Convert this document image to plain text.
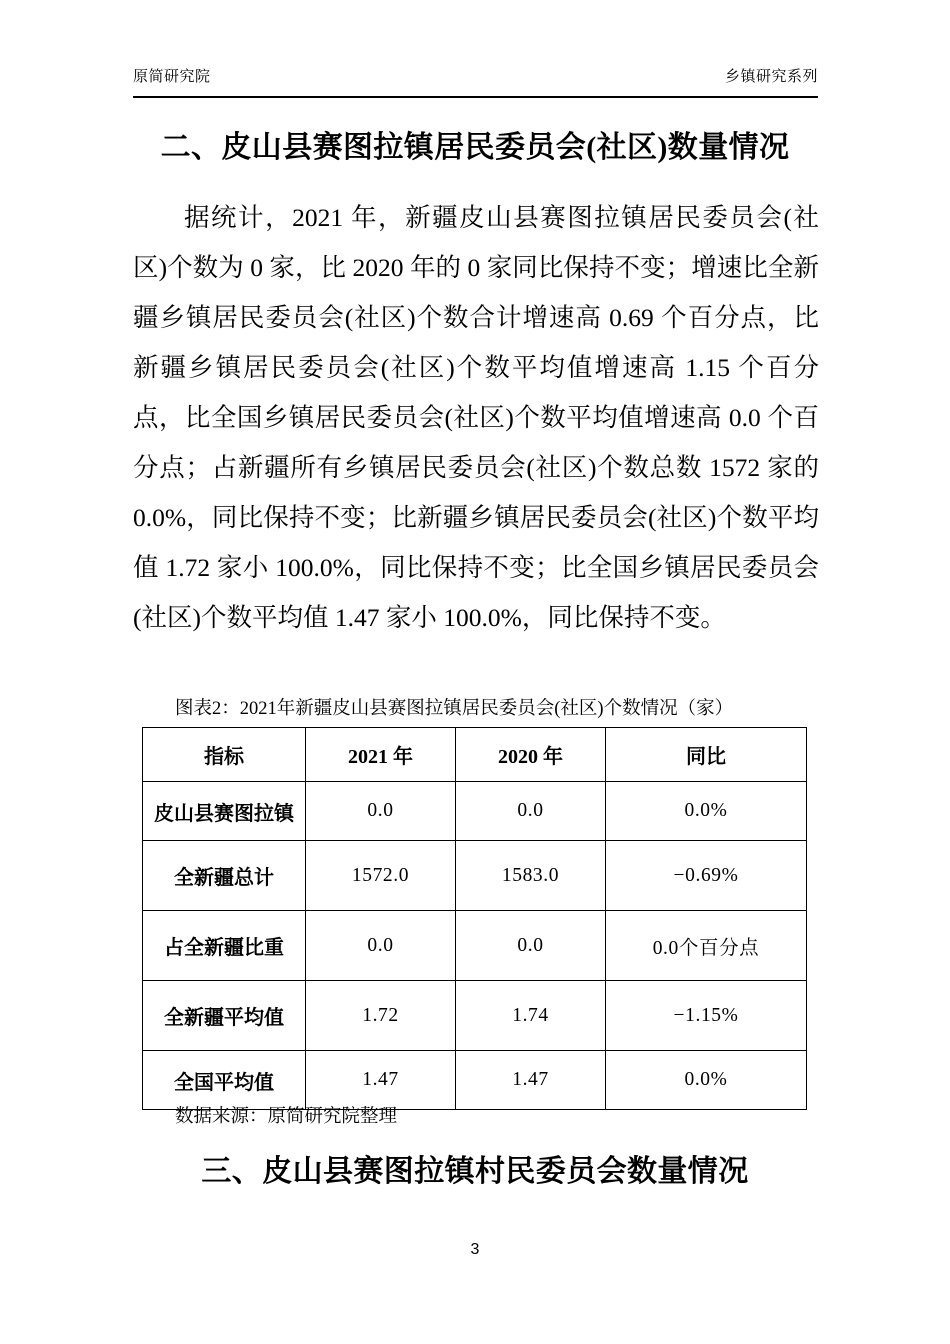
原简研究院	乡镇研究系列
二、皮山县赛图拉镇居民委员会(社区)数量情况
据统计，2021 年，新疆皮山县赛图拉镇居民委员会(社区)个数为 0 家，比 2020 年的 0 家同比保持不变；增速比全新疆乡镇居民委员会(社区)个数合计增速高 0.69 个百分点，比新疆乡镇居民委员会(社区)个数平均值增速高 1.15 个百分点，比全国乡镇居民委员会(社区)个数平均值增速高 0.0 个百分点；占新疆所有乡镇居民委员会(社区)个数总数 1572 家的 0.0%，同比保持不变；比新疆乡镇居民委员会(社区)个数平均值 1.72 家小 100.0%，同比保持不变；比全国乡镇居民委员会(社区)个数平均值 1.47 家小 100.0%，同比保持不变。
图表2：2021年新疆皮山县赛图拉镇居民委员会(社区)个数情况（家）
指标	2021 年	2020 年	同比
皮山县赛图拉镇	0.0	0.0	0.0%
全新疆总计	1572.0	1583.0	−0.69%
占全新疆比重	0.0	0.0	0.0个百分点
全新疆平均值	1.72	1.74	−1.15%
全国平均值	1.47	1.47	0.0%
数据来源：原简研究院整理
三、皮山县赛图拉镇村民委员会数量情况
3
